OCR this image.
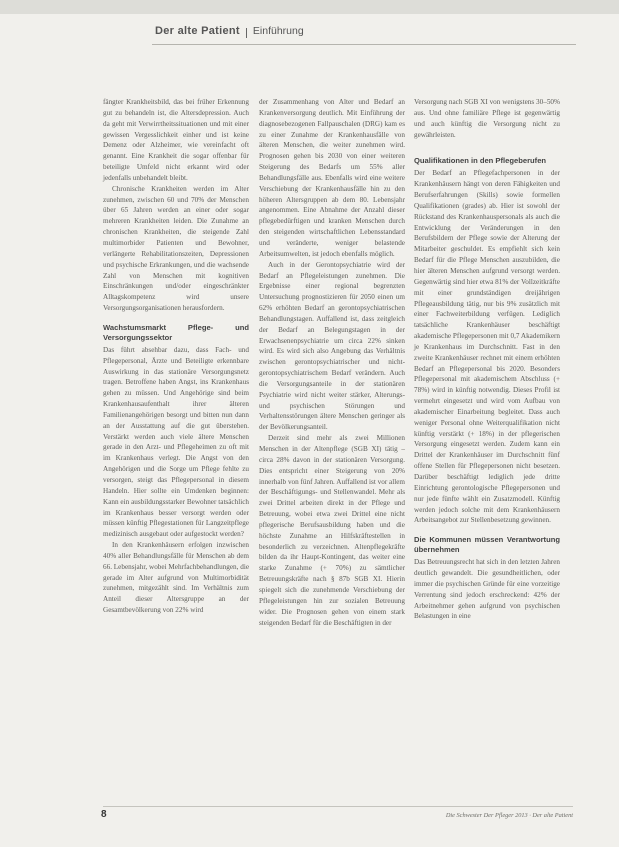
Der alte Patient Einführung

fängter Krankheitsbild, das bei früher Erkennung gut zu behandeln ist, die Altersdepression. Auch da geht mit Verwirrtheitssituationen und mit einer gewissen Vergesslichkeit einher und ist keine Demenz oder Alzheimer, wie vereinfacht oft genannt. Eine Krankheit die sogar offenbar für beteiligte Umfeld nicht erkannt wird oder jedenfalls unbehandelt bleibt.

Chronische Krankheiten werden im Alter zunehmen, zwischen 60 und 70% der Menschen über 65 Jahren werden an einer oder sogar mehreren Krankheiten leiden. Die Zunahme an chronischen Krankheiten, die steigende Zahl multimorbider Patienten und Bewohner, verlängerte Rehabilitationszeiten, Depressionen und psychische Erkrankungen, und die wachsende Zahl von Menschen mit kognitiven Einschränkungen und/oder eingeschränkter Alltagskompetenz wird unsere Versorgungsorganisationen herausfordern.

Wachstumsmarkt Pflege- und Versorgungssektor

Das führt absehbar dazu, dass Fach- und Pflegepersonal, Ärzte und Beteiligte erkennbare Auswirkung in das stationäre Versorgungsnetz tragen. Betroffene haben Angst, ins Krankenhaus gehen zu müssen. Und Angehörige sind beim Krankenhausaufenthalt ihrer älteren Familienangehörigen besorgt und bitten nun dann an der Ausstattung auf die gut überstehen. Verstärkt werden auch viele ältere Menschen gerade in den Arzt- und Pflegeheimen zu oft mit im Krankenhaus verlegt. Die Angst von den Angehörigen und die Sorge um Pflege fehlte zu versorgen, steigt das Pflegepersonal in diesem Handeln. Hier sollte ein Umdenken beginnen: Kann ein ausbildungsstarker Bewohner tatsächlich im Krankenhaus besser versorgt werden oder müssen künftig Pflegestationen für Langzeitpflege medizinisch ausgebaut oder aufgestockt werden?

In den Krankenhäusern erfolgen inzwischen 40% aller Behandlungsfälle für Menschen ab dem 66. Lebensjahr, wobei Mehrfachbehandlungen, die gerade im Alter aufgrund von Multimorbidität zunehmen, mitgezählt sind. Im Verhältnis zum Anteil dieser Altersgruppe an der Gesamtbevölkerung von 22% wird

der Zusammenhang von Alter und Bedarf an Krankenversorgung deutlich. Mit Einführung der diagnosebezogenen Fallpauschalen (DRG) kam es zu einer Zunahme der Krankenhausfälle von älteren Menschen, die weiter zunehmen wird. Prognosen gehen bis 2030 von einer weiteren Steigerung des Bedarfs um 55% aller Behandlungsfälle aus. Ebenfalls wird eine weitere Verschiebung der Krankenhausfälle hin zu den höheren Altersgruppen ab dem 80. Lebensjahr angenommen. Eine Abnahme der Anzahl dieser pflegebedürftigen und kranken Menschen durch den steigenden wirtschaftlichen Lebensstandard und veränderte, weniger belastende Arbeitsumwelten, ist jedoch ebenfalls möglich.

Auch in der Gerontopsychiatrie wird der Bedarf an Pflegeleistungen zunehmen. Die Ergebnisse einer regional begrenzten Untersuchung prognostizieren für 2050 einen um 62% erhöhten Bedarf an gerontopsychiatrischen Behandlungstagen. Auffallend ist, dass zeitgleich der Bedarf an Belegungstagen in der Erwachsenenpsychiatrie um circa 22% sinken wird. Es wird sich also Angebung das Verhältnis zwischen gerontopsychiatrischer und nicht-gerontopsychiatrischem Bedarf verändern. Auch die Versorgungsanteile in der stationären Psychiatrie wird nicht weiter stärker, Alterungs- und psychischen Störungen und Verhaltensstörungen ältere Menschen geringer als der Bevölkerungsanteil.

Derzeit sind mehr als zwei Millionen Menschen in der Altenpflege (SGB XI) tätig – circa 28% davon in der stationären Versorgung. Dies entspricht einer Steigerung von 20% innerhalb von fünf Jahren. Auffallend ist vor allem der Beschäftigungs- und Stellenwandel. Mehr als zwei Drittel arbeiten direkt in der Pflege und Betreuung, wobei etwa zwei Drittel eine nicht pflegerische Berufsausbildung haben und die höchste Zunahme an Hilfskräftestellen in besonderlich zu verzeichnen. Altenpflegekräfte bilden da ihr Haupt-Kontingent, das weiter eine starke Zunahme (+ 70%) zu sämtlicher Betreuungskräfte nach § 87b SGB XI. Hierin spiegelt sich die zunehmende Verschiebung der Pflegeleistungen hin zur sozialen Betreuung wider. Die Prognosen gehen von einem stark steigenden Bedarf für die Beschäftigten in der

Versorgung nach SGB XI von wenigstens 30–50% aus. Und ohne familiäre Pflege ist gegenwärtig und auch künftig die Versorgung nicht zu gewährleisten.

Qualifikationen in den Pflegeberufen

Der Bedarf an Pflegefachpersonen in der Krankenhäusern hängt von deren Fähigkeiten und Berufserfahrungen (Skills) sowie formellen Qualifikationen (grades) ab. Hier ist sowohl der Rückstand des Krankenhauspersonals als auch die Entwicklung der Veränderungen in den Berufsbildern der Pflege sowie der Alterung der Mitarbeiter geschuldet. Es empfiehlt sich kein Bedarf für die Pflege Menschen auszubilden, die hier älteren Menschen aufgrund versorgt werden. Gegenwärtig sind hier etwa 81% der Vollzeitkräfte mit einer grundständigen dreijährigen Pflegeausbildung tätig, nur bis 9% zusätzlich mit einer Fachweiterbildung verfügen. Lediglich tatsächliche Krankenhäuser beschäftigt akademische Pflegepersonen mit 0,7 Akademikern je Krankenhaus im Durchschnitt. Fast in den zweite Krankenhäuser rechnet mit einem erhöhten Bedarf an Pflegepersonal bis 2020. Besonders Pflegepersonal mit akademischem Abschluss (+ 78%) wird in künftig notwendig. Dieses Profil ist vermehrt eingesetzt und wird vom Aufbau von akademischer Einarbeitung begleitet. Dass auch weniger Personal ohne Weiterqualifikation nicht künftig verstärkt (+ 18%) in der pflegerischen Versorgung eingesetzt werden. Zudem kann ein Drittel der Krankenhäuser im Durchschnitt fünf offene Stellen für Pflegepersonen nicht besetzen. Darüber beschäftigt lediglich jede dritte Einrichtung gerontologische Pflegepersonen und nur jede fünfte wählt ein Zusatzmodell. Künftig werden jedoch solche mit dem Krankenhäusern Arbeitsangebot zur Stellenbesetzung gewinnen.

Die Kommunen müssen Verantwortung übernehmen

Das Betreuungsrecht hat sich in den letzten Jahren deutlich gewandelt. Die gesundheitlichen, oder immer die psychischen Gründe für eine vorzeitige Verrentung sind jedoch erschreckend: 42% der Arbeitnehmer gehen aufgrund von psychischen Belastungen in eine

8	Die Schwester Der Pfleger 2013 · Der alte Patient
